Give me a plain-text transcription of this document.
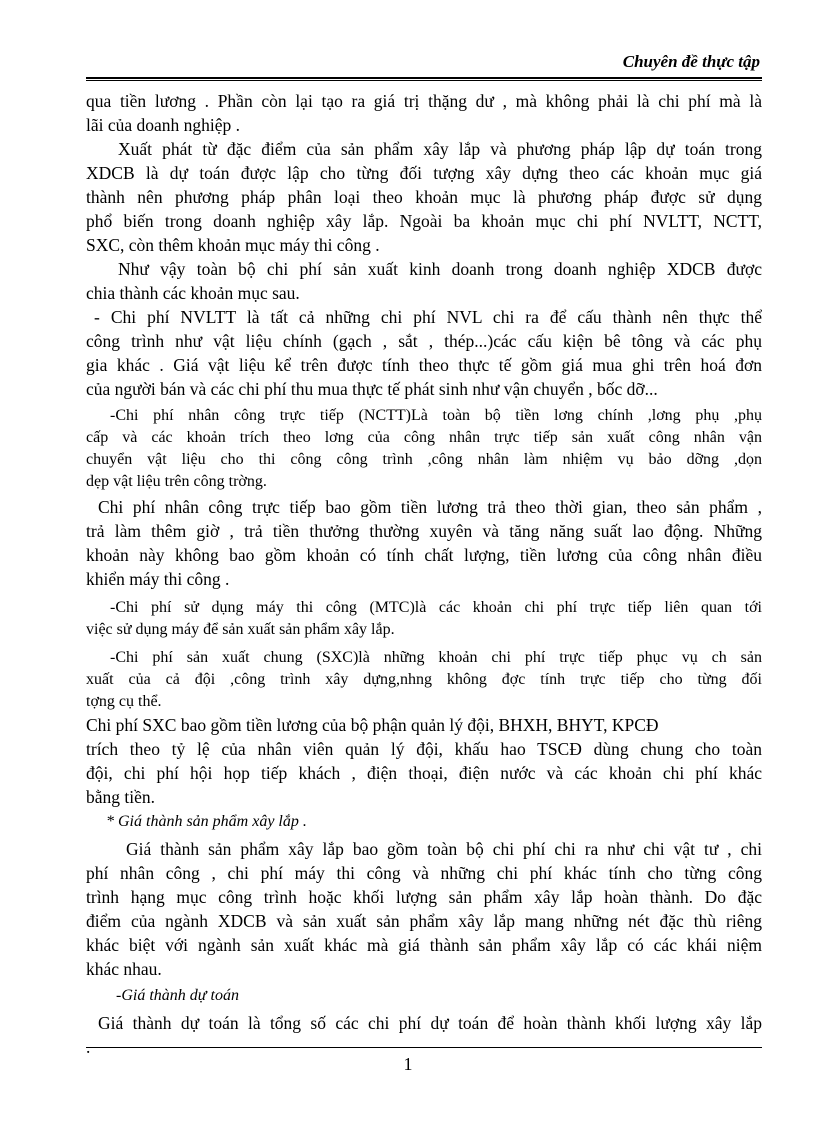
Chuyên đề thực tập

qua tiền lương . Phần còn lại tạo ra giá trị thặng dư , mà không phải là chi phí mà là

lãi của doanh nghiệp .

Xuất phát từ đặc điểm của sản phẩm xây lắp và phương pháp lập dự toán trong

XDCB là dự toán được lập cho từng đối tượng xây dựng theo các khoản mục giá

thành nên phương pháp phân loại theo khoản mục là phương pháp được sử dụng

phổ biến trong doanh nghiệp xây lắp. Ngoài ba khoản mục chi phí NVLTT, NCTT,

SXC, còn thêm khoản mục máy thi công .

Như vậy toàn bộ chi phí sản xuất kinh doanh trong doanh nghiệp XDCB được

chia thành các khoản mục sau.

- Chi phí NVLTT là tất cả những chi phí NVL chi ra để cấu thành nên thực thể

công trình như vật liệu chính (gạch , sắt , thép...)các cấu kiện bê tông và các phụ

gia khác . Giá vật liệu kể trên được tính theo thực tế gồm giá mua ghi trên hoá đơn

của người bán và các chi phí thu mua thực tế phát sinh như vận chuyển , bốc dỡ...

-Chi phí nhân công trực tiếp (NCTT)Là toàn bộ tiền lơng chính ,lơng phụ ,phụ

cấp và các khoản trích theo lơng của công nhân trực tiếp sản xuất công nhân vận

chuyển vật liệu cho thi công công trình ,công nhân làm nhiệm vụ bảo dỡng ,dọn

dẹp vật liệu trên công trờng.

Chi phí nhân công trực tiếp bao gồm tiền lương trả theo thời gian, theo sản phẩm ,

trả làm thêm giờ , trả tiền thưởng thường xuyên và tăng năng suất lao động. Những

khoản này không bao gồm khoản có tính chất lượng, tiền lương của công nhân điều

khiển máy thi công .

-Chi phí sử dụng máy thi công (MTC)là các khoản chi phí trực tiếp liên quan tới

việc sử dụng máy để sản xuất sản phẩm xây lắp.

-Chi phí sản xuất chung (SXC)là những khoản chi phí trực tiếp phục vụ ch sản

xuất của cả đội ,công trình xây dựng,nhng không đợc tính trực tiếp cho từng đối

tợng cụ thể.

Chi phí SXC bao gồm tiền lương của bộ phận quản lý đội, BHXH, BHYT, KPCĐ

trích theo tỷ lệ của nhân viên quản lý đội, khấu hao TSCĐ dùng chung cho toàn

đội, chi phí hội họp tiếp khách , điện thoại, điện nước và các khoản chi phí khác

bằng tiền.

* Giá thành sản phẩm xây lắp .

Giá thành sản phẩm xây lắp bao gồm toàn bộ chi phí chi ra như chi vật tư , chi

phí nhân công , chi phí máy thi công và những chi phí khác tính cho từng công

trình hạng mục công trình hoặc khối lượng sản phẩm xây lắp hoàn thành. Do đặc

điểm của ngành XDCB và sản xuất sản phẩm xây lắp mang những nét đặc thù riêng

khác biệt với ngành sản xuất khác mà giá thành sản phẩm xây lắp có các khái niệm

khác nhau.

-Giá thành dự toán

Giá thành dự toán là tổng số các chi phí dự toán để hoàn thành khối lượng xây lắp

.

1
